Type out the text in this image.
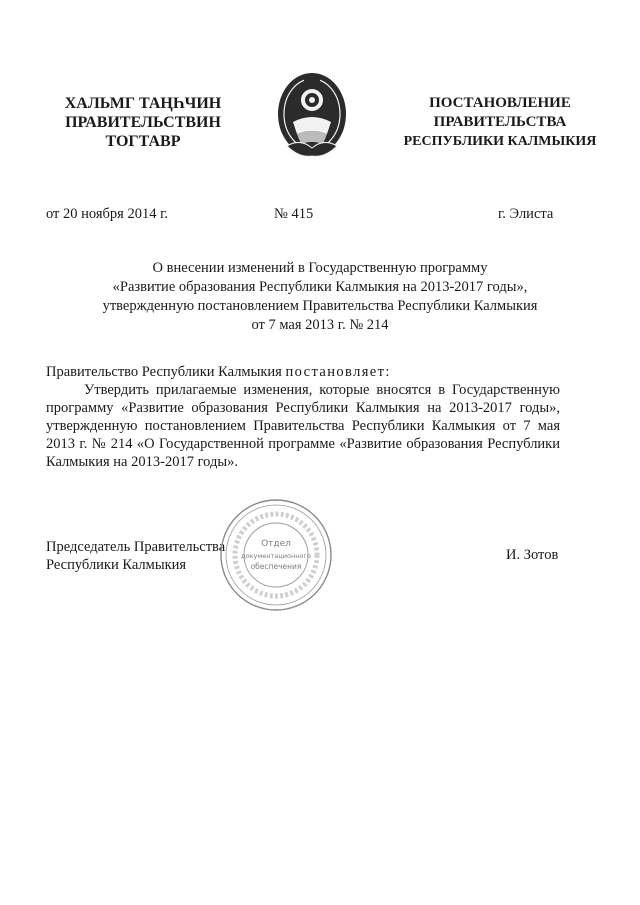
ХАЛЬМГ ТАҢҺЧИН
ПРАВИТЕЛЬСТВИН
ТОГТАВР
ПОСТАНОВЛЕНИЕ
ПРАВИТЕЛЬСТВА
РЕСПУБЛИКИ КАЛМЫКИЯ
от 20 ноября 2014 г.	№ 415	г. Элиста
О внесении изменений в Государственную программу
«Развитие образования Республики Калмыкия на 2013-2017 годы»,
утвержденную постановлением Правительства Республики Калмыкия
от 7 мая 2013 г. № 214

Правительство Республики Калмыкия постановляет:

Утвердить прилагаемые изменения, которые вносятся в Государственную программу «Развитие образования Республики Калмыкия на 2013-2017 годы», утвержденную постановлением Правительства Республики Калмыкия от 7 мая 2013 г. № 214 «О Государственной программе «Развитие образования Республики Калмыкия на 2013-2017 годы».

Председатель Правительства
Республики Калмыкия
И. Зотов
Отдел
документационного
обеспечения
